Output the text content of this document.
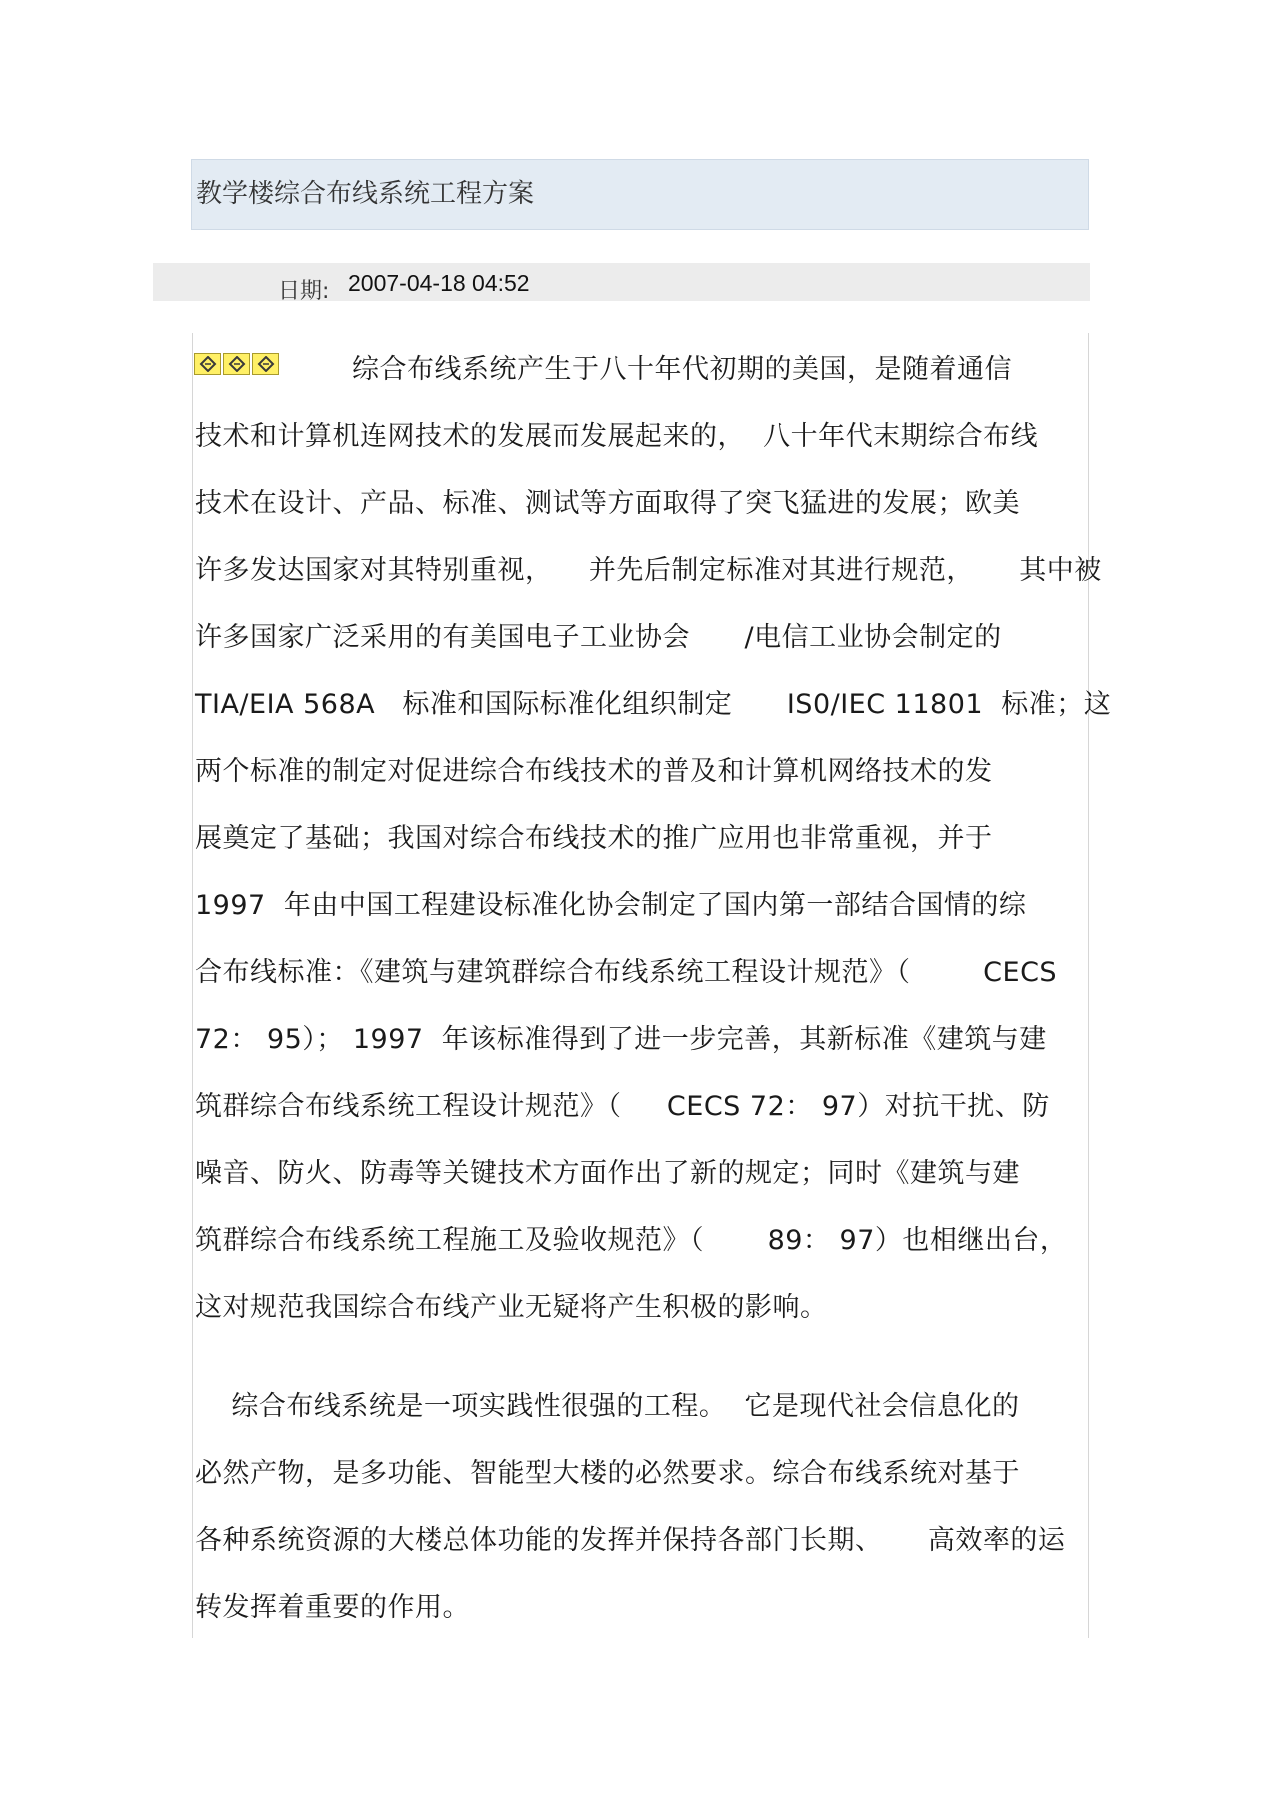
教学楼综合布线系统工程方案
日期: 2007-04-18 04:52
综合布线系统产生于八十年代初期的美国，是随着通信
技术和计算机连网技术的发展而发展起来的，  八十年代末期综合布线
技术在设计、产品、标准、测试等方面取得了突飞猛进的发展；欧美
许多发达国家对其特别重视，    并先后制定标准对其进行规范，     其中被
许多国家广泛采用的有美国电子工业协会      /电信工业协会制定的
TIA/EIA 568A   标准和国际标准化组织制定      IS0/IEC 11801  标准；这
两个标准的制定对促进综合布线技术的普及和计算机网络技术的发
展奠定了基础；我国对综合布线技术的推广应用也非常重视，并于
1997  年由中国工程建设标准化协会制定了国内第一部结合国情的综
合布线标准：《建筑与建筑群综合布线系统工程设计规范》（        CECS
72： 95）； 1997  年该标准得到了进一步完善，其新标准《建筑与建
筑群综合布线系统工程设计规范》（     CECS 72： 97）对抗干扰、防
噪音、防火、防毒等关键技术方面作出了新的规定；同时《建筑与建
筑群综合布线系统工程施工及验收规范》（       89： 97）也相继出台，
这对规范我国综合布线产业无疑将产生积极的影响。
综合布线系统是一项实践性很强的工程。  它是现代社会信息化的
必然产物，是多功能、智能型大楼的必然要求。综合布线系统对基于
各种系统资源的大楼总体功能的发挥并保持各部门长期、     高效率的运
转发挥着重要的作用。
